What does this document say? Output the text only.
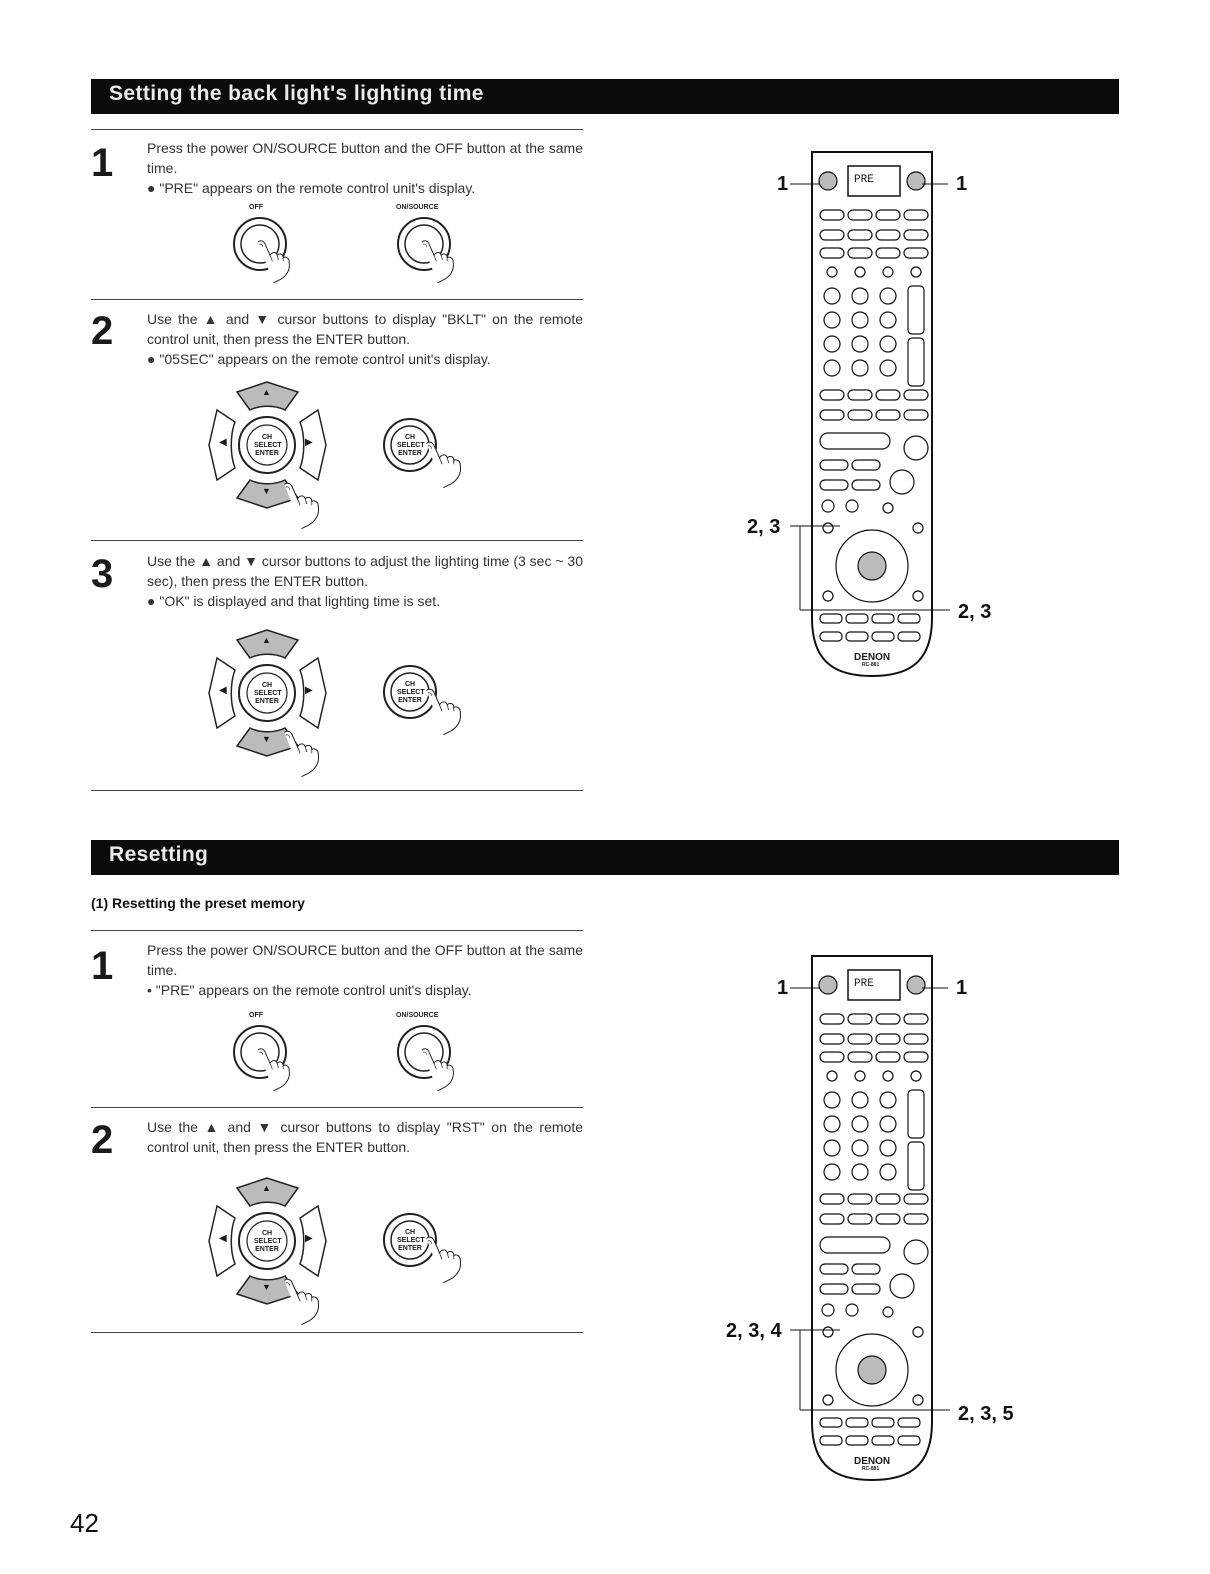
Setting the back light's lighting time
1 Press the power ON/SOURCE button and the OFF button at the same time.
● "PRE" appears on the remote control unit's display.
OFF	ON/SOURCE
2 Use the ▲ and ▼ cursor buttons to display "BKLT" on the remote control unit, then press the ENTER button.
● "05SEC" appears on the remote control unit's display.
CH SELECT
ENTER
◀	▶
▲
▼
CH SELECT
ENTER
3 Use the ▲ and ▼ cursor buttons to adjust the lighting time (3 sec ~ 30 sec), then press the ENTER button.
● "OK" is displayed and that lighting time is set.
CH SELECT
ENTER
◀	▶
▲
▼
CH SELECT
ENTER
PRE
DENON
RC-881
1	1
2, 3
2, 3
Resetting
(1) Resetting the preset memory
1 Press the power ON/SOURCE button and the OFF button at the same time.
• "PRE" appears on the remote control unit's display.
OFF	ON/SOURCE
2 Use the ▲ and ▼ cursor buttons to display "RST" on the remote control unit, then press the ENTER button.
CH SELECT
ENTER
◀	▶
▲
▼
CH SELECT
ENTER
PRE
DENON
RC-881
1	1
2, 3, 4
2, 3, 5
42
